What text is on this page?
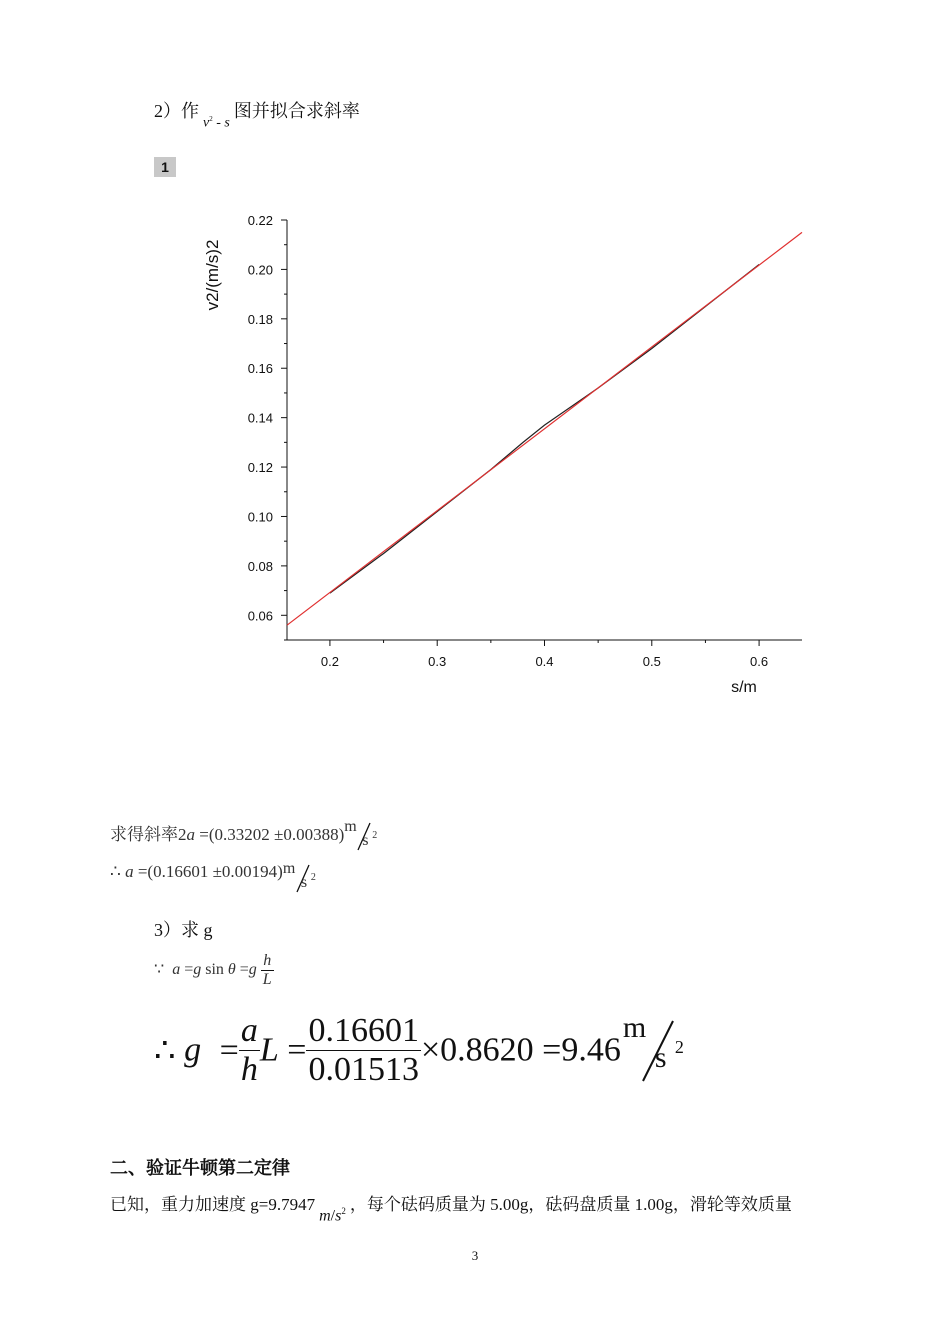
2）作$v^2$ - s图并拟合求斜率
1
0.06
0.08
0.10
0.12
0.14
0.16
0.18
0.20
0.22
0.2	0.3	0.4	0.5	0.6
v2/(m/s)2
s/m
求得斜率2a =(0.33202 ±0.00388) m
s 2
∴ a =(0.16601 ±0.00194) m
s 2
3）求 g
∵ a =g $\sin \theta =g \frac{h}{L}$
∴ $g = \frac{a}{h}$ $L = \frac{0.16601}{0.01513} \times 0.8620 =9.46$
m
s 2
二、验证牛顿第二定律
已知，重力加速度 $g=9.7947m/s^2$ ，每个砝码质量为 5.00g，砝码盘质量 1.00g，滑轮等效质量
3
